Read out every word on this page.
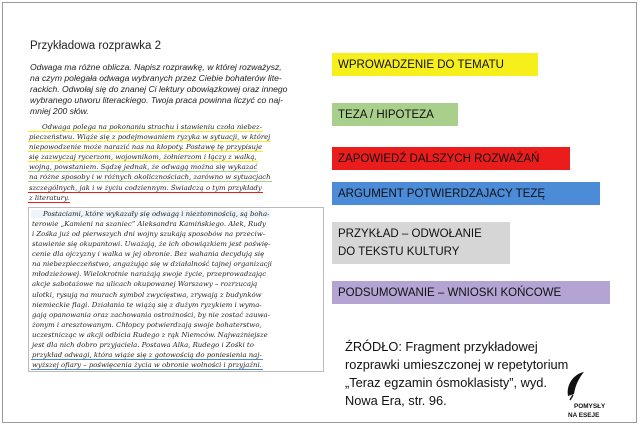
Przykładowa rozprawka 2
Odwaga ma różne oblicza. Napisz rozprawkę, w której rozważysz,
na czym polegała odwaga wybranych przez Ciebie bohaterów lite-
rackich. Odwołaj się do znanej Ci lektury obowiązkowej oraz innego
wybranego utworu literackiego. Twoja praca powinna liczyć co naj-
mniej 200 słów.
Odwaga polega na pokonaniu strachu i stawieniu czoła niebez-
pieczeństwu. Wiąże się z podejmowaniem ryzyka w sytuacji, w której
niepowodzenie może narazić nas na kłopoty. Postawę tę przypisuje
się zazwyczaj rycerzom, wojownikom, żołnierzom i łączy z walką,
wojną, powstaniem. Sądzę jednak, że odwagą można się wykazać
na różne sposoby i w różnych okolicznościach, zarówno w sytuacjach
szczególnych, jak i w życiu codziennym. Świadczą o tym przykłady
z literatury.
Postaciami, które wykazały się odwagą i nieztomnością, są boha-
terowie „Kamieni na szaniec” Aleksandra Kamińskiego. Alek, Rudy
i Zośka już od pierwszych dni wojny szukają sposobów na przeciw-
stawienie się okupantowi. Uważają, że ich obowiązkiem jest poświę-
cenie dla ojczyzny i walka w jej obronie. Bez wahania decydują się
na niebezpieczeństwo, angażując się w działalność tajnej organizacji
młodzieżowej. Wielokrotnie narażają swoje życie, przeprowadzając
akcje sabotażowe na ulicach okupowanej Warszawy – rozrzucają
ulotki, rysują na murach symbol zwycięstwa, zrywają z budynków
niemieckie flagi. Działania te wiążą się z dużym ryzykiem i wyma-
gają opanowania oraz zachowania ostrożności, by nie zostać zauwa-
żonym i aresztowanym. Chłopcy potwierdzają swoje bohaterstwo,
uczestnicząc w akcji odbicia Rudego z rąk Niemców. Najważniejsze
jest dla nich dobro przyjaciela. Postawa Alka, Rudego i Zośki to
przykład odwagi, która wiąże się z gotowością do poniesienia naj-
wyższej ofiary – poświęcenia życia w obronie wolności i przyjaźni.
WPROWADZENIE DO TEMATU
TEZA / HIPOTEZA
ZAPOWIEDŹ DALSZYCH ROZWAŻAŃ
ARGUMENT POTWIERDZAJACY TEZĘ
PRZYKŁAD – ODWOŁANIE
DO TEKSTU KULTURY
PODSUMOWANIE – WNIOSKI KOŃCOWE
ŹRÓDŁO: Fragment przykładowej
rozprawki umieszczonej w repetytorium
„Teraz egzamin ósmoklasisty”, wyd.
Nowa Era, str. 96.	POMYSŁY
NA ESEJE
